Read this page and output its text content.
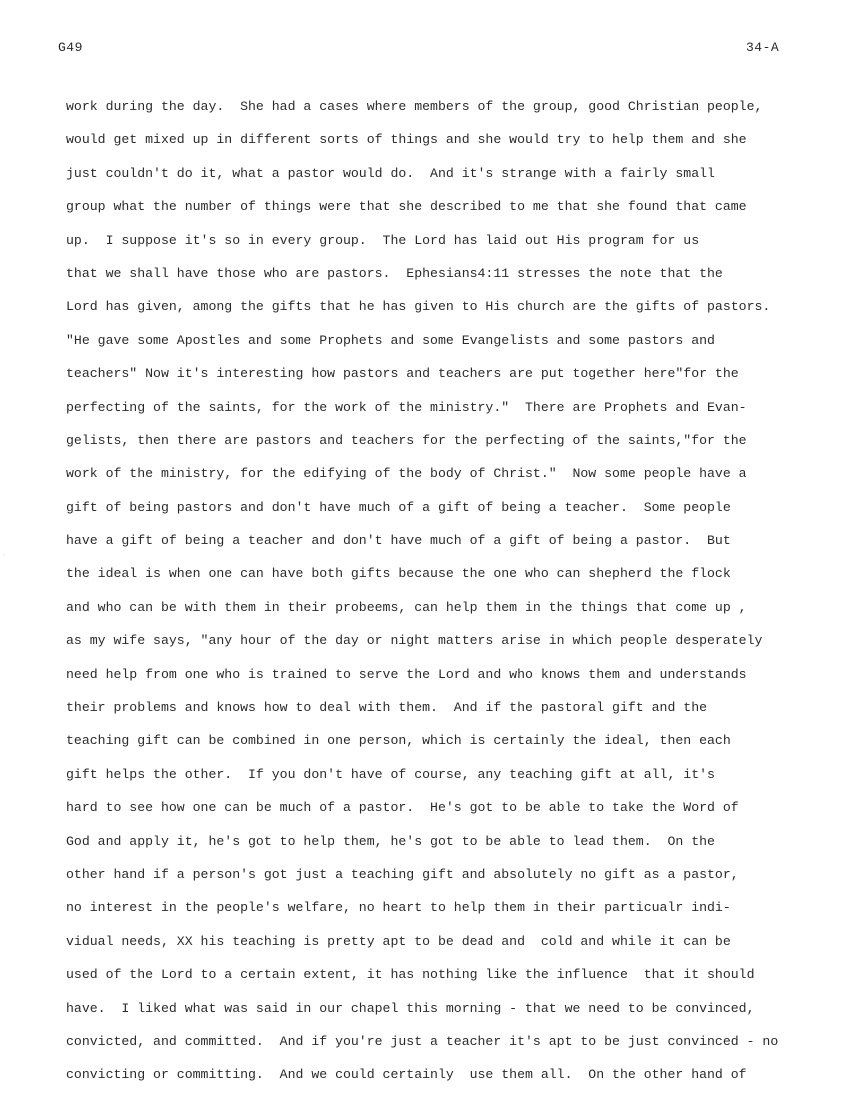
G49	34-A
·
work during the day.  She had a cases where members of the group, good Christian people,
would get mixed up in different sorts of things and she would try to help them and she
just couldn't do it, what a pastor would do.  And it's strange with a fairly small
group what the number of things were that she described to me that she found that came
up.  I suppose it's so in every group.  The Lord has laid out His program for us
that we shall have those who are pastors.  Ephesians4:11 stresses the note that the
Lord has given, among the gifts that he has given to His church are the gifts of pastors.
"He gave some Apostles and some Prophets and some Evangelists and some pastors and
teachers" Now it's interesting how pastors and teachers are put together here"for the
perfecting of the saints, for the work of the ministry."  There are Prophets and Evan-
gelists, then there are pastors and teachers for the perfecting of the saints,"for the
work of the ministry, for the edifying of the body of Christ."  Now some people have a
gift of being pastors and don't have much of a gift of being a teacher.  Some people
have a gift of being a teacher and don't have much of a gift of being a pastor.  But
the ideal is when one can have both gifts because the one who can shepherd the flock
and who can be with them in their probeems, can help them in the things that come up ,
as my wife says, "any hour of the day or night matters arise in which people desperately
need help from one who is trained to serve the Lord and who knows them and understands
their problems and knows how to deal with them.  And if the pastoral gift and the
teaching gift can be combined in one person, which is certainly the ideal, then each
gift helps the other.  If you don't have of course, any teaching gift at all, it's
hard to see how one can be much of a pastor.  He's got to be able to take the Word of
God and apply it, he's got to help them, he's got to be able to lead them.  On the
other hand if a person's got just a teaching gift and absolutely no gift as a pastor,
no interest in the people's welfare, no heart to help them in their particualr indi-
vidual needs, XX his teaching is pretty apt to be dead and  cold and while it can be
used of the Lord to a certain extent, it has nothing like the influence  that it should
have.  I liked what was said in our chapel this morning - that we need to be convinced,
convicted, and committed.  And if you're just a teacher it's apt to be just convinced - no
convicting or committing.  And we could certainly  use them all.  On the other hand of
